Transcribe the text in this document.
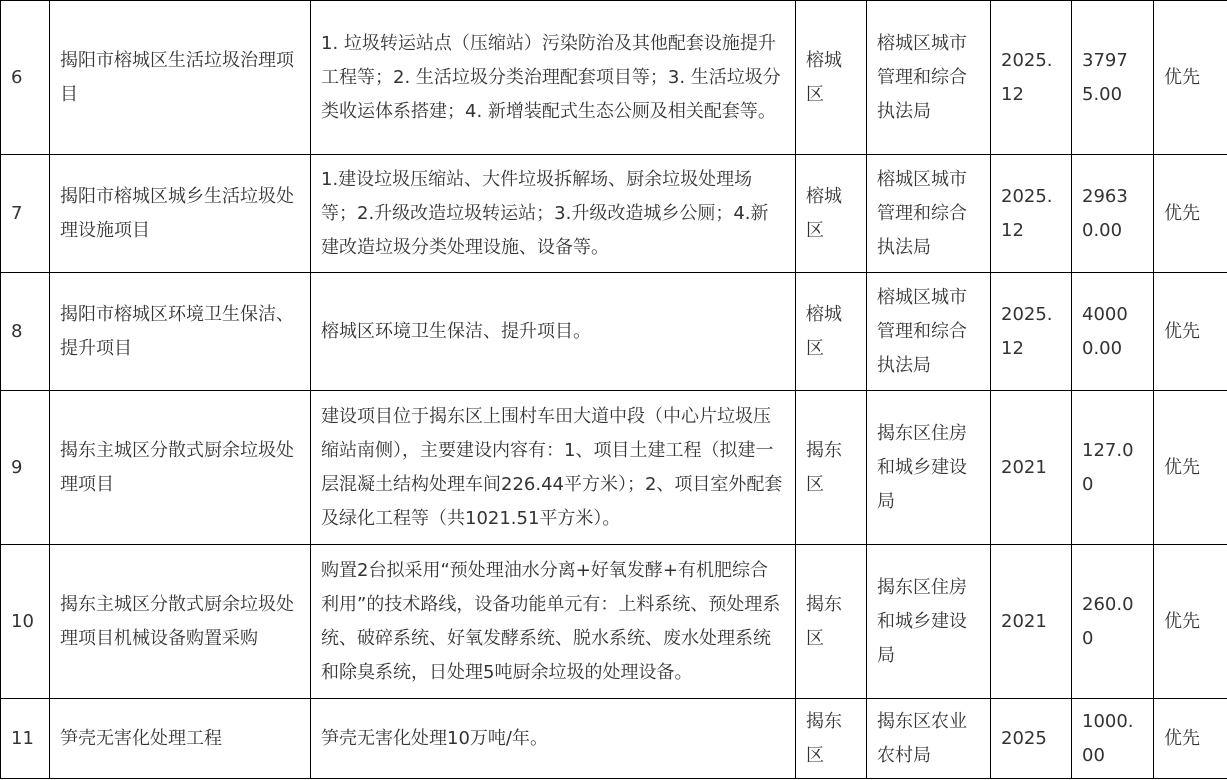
6	揭阳市榕城区生活垃圾治理项目	1. 垃圾转运站点（压缩站）污染防治及其他配套设施提升工程等；2. 生活垃圾分类治理配套项目等；3. 生活垃圾分类收运体系搭建；4. 新增装配式生态公厕及相关配套等。	榕城区	榕城区城市管理和综合执法局	2025.12	37975.00	优先
7	揭阳市榕城区城乡生活垃圾处理设施项目	1.建设垃圾压缩站、大件垃圾拆解场、厨余垃圾处理场等；2.升级改造垃圾转运站；3.升级改造城乡公厕；4.新建改造垃圾分类处理设施、设备等。	榕城区	榕城区城市管理和综合执法局	2025.12	29630.00	优先
8	揭阳市榕城区环境卫生保洁、提升项目	榕城区环境卫生保洁、提升项目。	榕城区	榕城区城市管理和综合执法局	2025.12	40000.00	优先
9	揭东主城区分散式厨余垃圾处理项目	建设项目位于揭东区上围村车田大道中段（中心片垃圾压缩站南侧），主要建设内容有：1、项目土建工程（拟建一层混凝土结构处理车间226.44平方米）；2、项目室外配套及绿化工程等（共1021.51平方米）。	揭东区	揭东区住房和城乡建设局	2021	127.00	优先
10	揭东主城区分散式厨余垃圾处理项目机械设备购置采购	购置2台拟采用“预处理油水分离+好氧发酵+有机肥综合利用”的技术路线，设备功能单元有：上料系统、预处理系统、破碎系统、好氧发酵系统、脱水系统、废水处理系统和除臭系统，日处理5吨厨余垃圾的处理设备。	揭东区	揭东区住房和城乡建设局	2021	260.00	优先
11	笋壳无害化处理工程	笋壳无害化处理10万吨/年。	揭东区	揭东区农业农村局	2025	1000.00	优先
